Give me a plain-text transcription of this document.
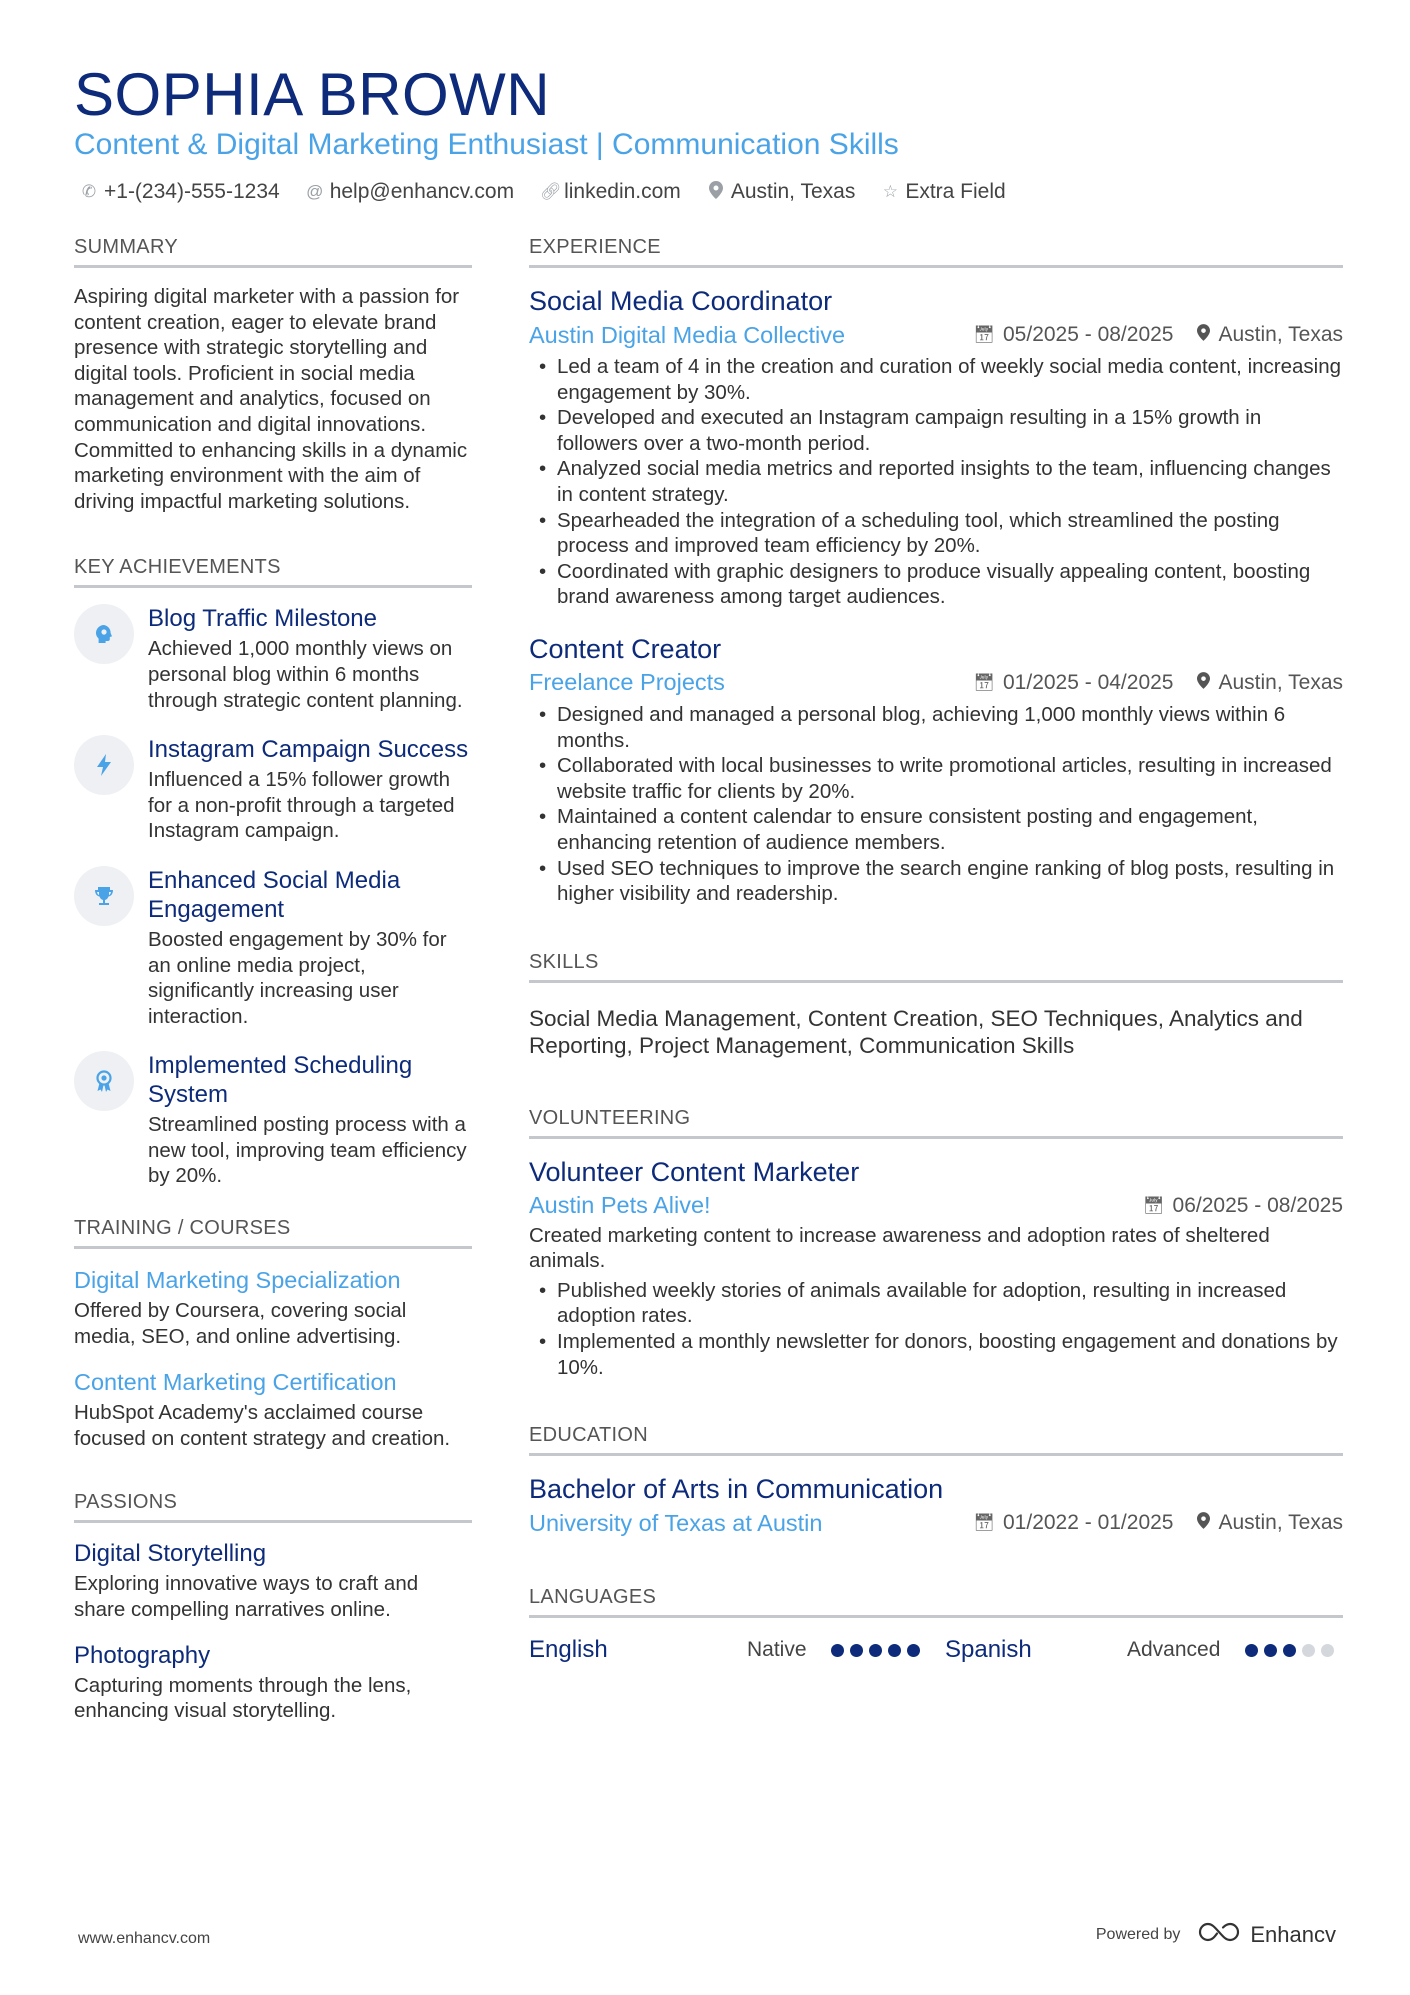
SOPHIA BROWN
Content & Digital Marketing Enthusiast | Communication Skills
✆ +1-(234)-555-1234 @ help@enhancv.com 🔗︎ linkedin.com Austin, Texas ☆ Extra Field
SUMMARY
Aspiring digital marketer with a passion for content creation, eager to elevate brand presence with strategic storytelling and digital tools. Proficient in social media management and analytics, focused on communication and digital innovations. Committed to enhancing skills in a dynamic marketing environment with the aim of driving impactful marketing solutions.
KEY ACHIEVEMENTS
Blog Traffic Milestone
Achieved 1,000 monthly views on personal blog within 6 months through strategic content planning.
Instagram Campaign Success
Influenced a 15% follower growth for a non-profit through a targeted Instagram campaign.
Enhanced Social Media Engagement
Boosted engagement by 30% for an online media project, significantly increasing user interaction.
Implemented Scheduling System
Streamlined posting process with a new tool, improving team efficiency by 20%.
TRAINING / COURSES
Digital Marketing Specialization
Offered by Coursera, covering social media, SEO, and online advertising.
Content Marketing Certification
HubSpot Academy's acclaimed course focused on content strategy and creation.
PASSIONS
Digital Storytelling
Exploring innovative ways to craft and share compelling narratives online.
Photography
Capturing moments through the lens, enhancing visual storytelling.
EXPERIENCE
Social Media Coordinator
Austin Digital Media Collective	📅︎ 05/2025 - 08/2025 Austin, Texas
• Led a team of 4 in the creation and curation of weekly social media content, increasing engagement by 30%.
• Developed and executed an Instagram campaign resulting in a 15% growth in followers over a two-month period.
• Analyzed social media metrics and reported insights to the team, influencing changes in content strategy.
• Spearheaded the integration of a scheduling tool, which streamlined the posting process and improved team efficiency by 20%.
• Coordinated with graphic designers to produce visually appealing content, boosting brand awareness among target audiences.
Content Creator
Freelance Projects	📅︎ 01/2025 - 04/2025 Austin, Texas
• Designed and managed a personal blog, achieving 1,000 monthly views within 6 months.
• Collaborated with local businesses to write promotional articles, resulting in increased website traffic for clients by 20%.
• Maintained a content calendar to ensure consistent posting and engagement, enhancing retention of audience members.
• Used SEO techniques to improve the search engine ranking of blog posts, resulting in higher visibility and readership.
SKILLS
Social Media Management, Content Creation, SEO Techniques, Analytics and Reporting, Project Management, Communication Skills
VOLUNTEERING
Volunteer Content Marketer
Austin Pets Alive!	📅︎ 06/2025 - 08/2025
Created marketing content to increase awareness and adoption rates of sheltered animals.
• Published weekly stories of animals available for adoption, resulting in increased adoption rates.
• Implemented a monthly newsletter for donors, boosting engagement and donations by 10%.
EDUCATION
Bachelor of Arts in Communication
University of Texas at Austin	📅︎ 01/2022 - 01/2025 Austin, Texas
LANGUAGES
English	Native	Spanish	Advanced
www.enhancv.com	Powered by	Enhancv
